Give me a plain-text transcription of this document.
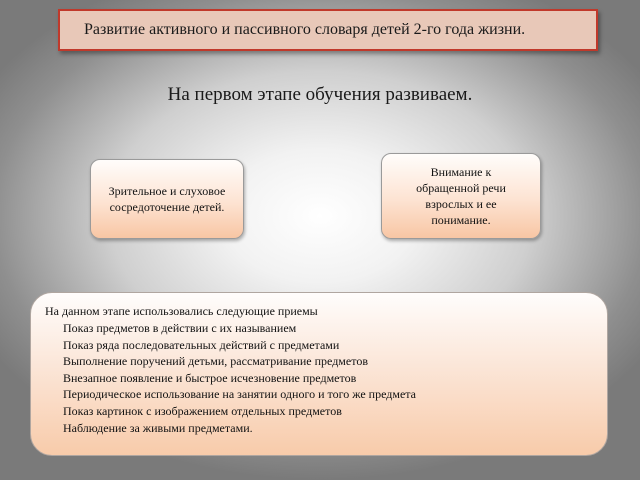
Развитие активного и пассивного словаря детей 2-го года жизни.
На первом этапе обучения развиваем.
Зрительное и слуховое сосредоточение детей.
Внимание к обращенной речи взрослых и ее понимание.
На данном этапе использовались следующие приемы
Показ предметов в действии с их называнием
Показ ряда последовательных действий с предметами
Выполнение поручений детьми, рассматривание предметов
Внезапное появление и быстрое исчезновение предметов
Периодическое использование на занятии одного и того же предмета
Показ картинок с изображением отдельных предметов
Наблюдение за живыми предметами.
